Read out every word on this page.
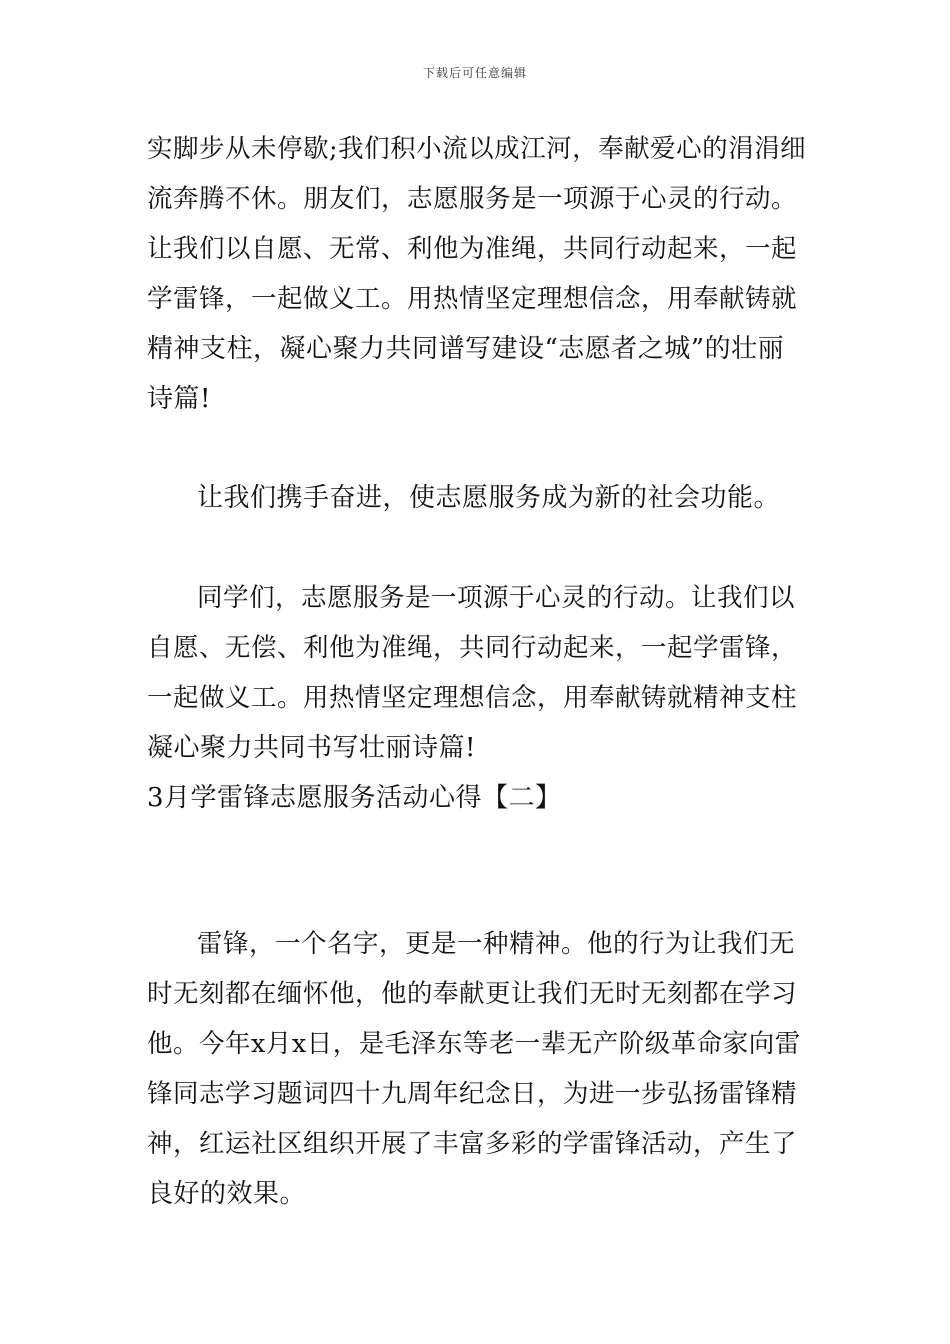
下载后可任意编辑
实脚步从未停歇;我们积小流以成江河，奉献爱心的涓涓细
流奔腾不休。朋友们，志愿服务是一项源于心灵的行动。
让我们以自愿、无常、利他为准绳，共同行动起来，一起
学雷锋，一起做义工。用热情坚定理想信念，用奉献铸就
精神支柱，凝心聚力共同谱写建设“志愿者之城”的壮丽
诗篇!
让我们携手奋进，使志愿服务成为新的社会功能。
同学们，志愿服务是一项源于心灵的行动。让我们以
自愿、无偿、利他为准绳，共同行动起来，一起学雷锋，
一起做义工。用热情坚定理想信念，用奉献铸就精神支柱
凝心聚力共同书写壮丽诗篇!
3月学雷锋志愿服务活动心得【二】
雷锋，一个名字，更是一种精神。他的行为让我们无
时无刻都在缅怀他，他的奉献更让我们无时无刻都在学习
他。今年x月x日，是毛泽东等老一辈无产阶级革命家向雷
锋同志学习题词四十九周年纪念日，为进一步弘扬雷锋精
神，红运社区组织开展了丰富多彩的学雷锋活动，产生了
良好的效果。
